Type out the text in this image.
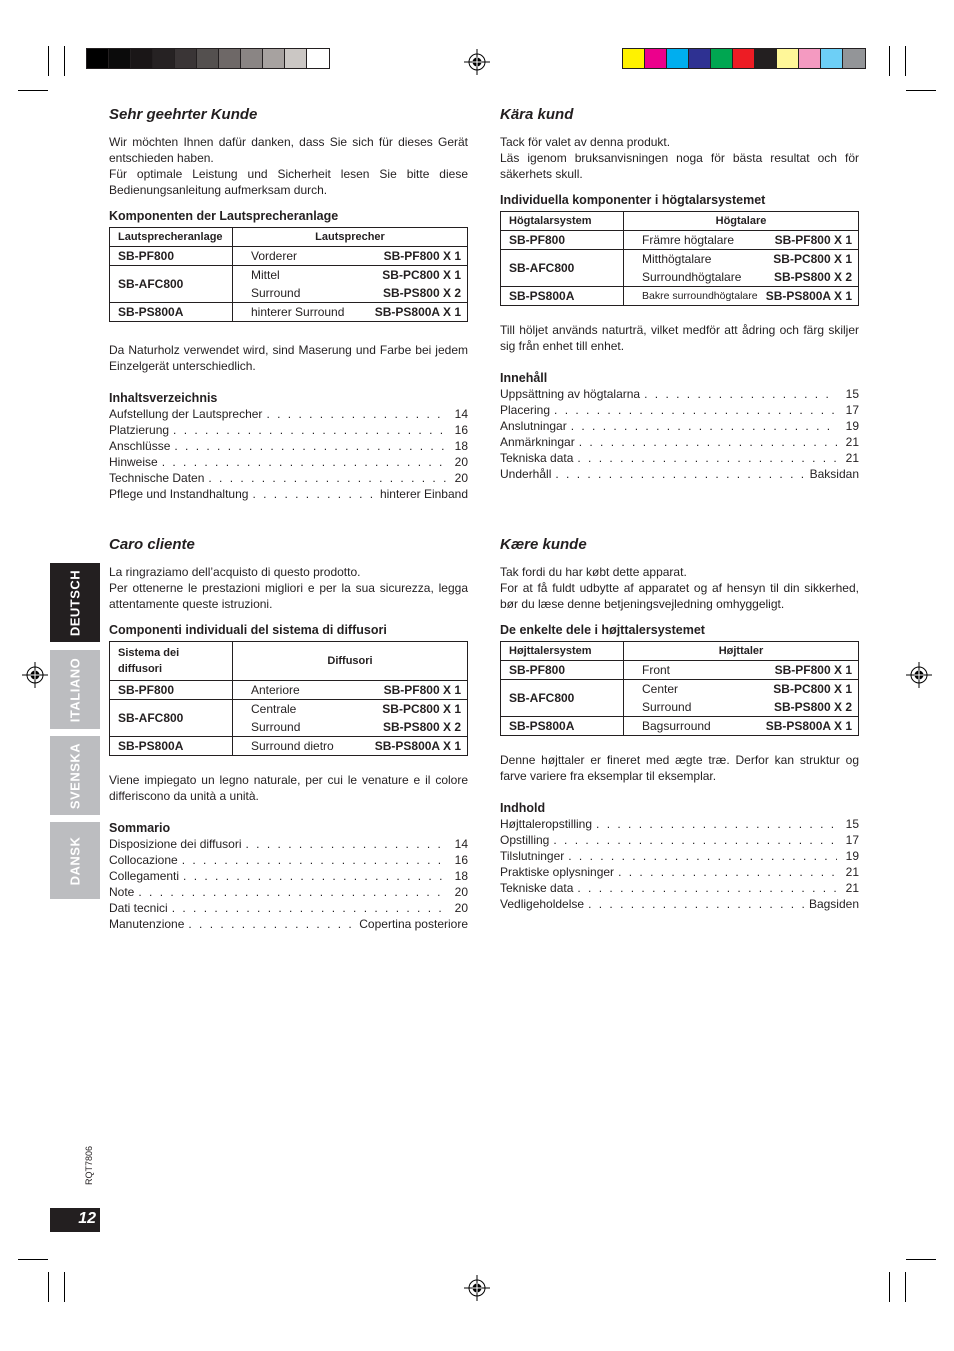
DEUTSCH
ITALIANO
SVENSKA
DANSK
RQT7806
12
Sehr geehrter Kunde

Wir möchten Ihnen dafür danken, dass Sie sich für dieses Gerät entschieden haben.

Für optimale Leistung und Sicherheit lesen Sie bitte diese Bedienungsanleitung aufmerksam durch.

Komponenten der Lautsprecheranlage
Lautsprecheranlage	Lautsprecher
SB-PF800	Vorderer SB-PF800 X 1

SB-AFC800	Mittel SB-PC800 X 1
Surround SB-PS800 X 2

SB-PS800A	hinterer Surround SB-PS800A X 1

Da Naturholz verwendet wird, sind Maserung und Farbe bei jedem Einzelgerät unterschiedlich.

Inhaltsverzeichnis
Aufstellung der Lautsprecher . . .	14
Platzierung . . .	16
Anschlüsse . . .	18
Hinweise . . .	20
Technische Daten . . .	20
Pflege und Instandhaltung . . .	hinterer Einband
Kära kund

Tack för valet av denna produkt.

Läs igenom bruksanvisningen noga för bästa resultat och för säkerhets skull.

Individuella komponenter i högtalarsystemet
Högtalarsystem	Högtalare
SB-PF800	Främre högtalare SB-PF800 X 1

SB-AFC800	Mitthögtalare SB-PC800 X 1
Surroundhögtalare SB-PS800 X 2

SB-PS800A	Bakre surroundhögtalare SB-PS800A X 1

Till höljet används naturträ, vilket medför att ådring och färg skiljer sig från enhet till enhet.

Innehåll
Uppsättning av högtalarna . . .	15
Placering . . .	17
Anslutningar . . .	19
Anmärkningar . . .	21
Tekniska data . . .	21
Underhåll . . .	Baksidan
Caro cliente

La ringraziamo dell’acquisto di questo prodotto.

Per ottenerne le prestazioni migliori e per la sua sicurezza, legga attentamente queste istruzioni.

Componenti individuali del sistema di diffusori
Sistema dei diffusori	Diffusori
SB-PF800	Anteriore SB-PF800 X 1

SB-AFC800	Centrale SB-PC800 X 1
Surround SB-PS800 X 2

SB-PS800A	Surround dietro SB-PS800A X 1

Viene impiegato un legno naturale, per cui le venature e il colore differiscono da unità a unità.

Sommario
Disposizione dei diffusori . . .	14
Collocazione . . .	16
Collegamenti . . .	18
Note . . .	20
Dati tecnici . . .	20
Manutenzione . . .	Copertina posteriore
Kære kunde

Tak fordi du har købt dette apparat.

For at få fuldt udbytte af apparatet og af hensyn til din sikkerhed, bør du læse denne betjeningsvejledning omhyggeligt.

De enkelte dele i højttalersystemet
Højttalersystem	Højttaler
SB-PF800	Front SB-PF800 X 1

SB-AFC800	Center SB-PC800 X 1
Surround SB-PS800 X 2

SB-PS800A	Bagsurround SB-PS800A X 1

Denne højttaler er fineret med ægte træ. Derfor kan struktur og farve variere fra eksemplar til eksemplar.

Indhold
Højttaleropstilling . . .	15
Opstilling . . .	17
Tilslutninger . . .	19
Praktiske oplysninger . . .	21
Tekniske data . . .	21
Vedligeholdelse . . .	Bagsiden
